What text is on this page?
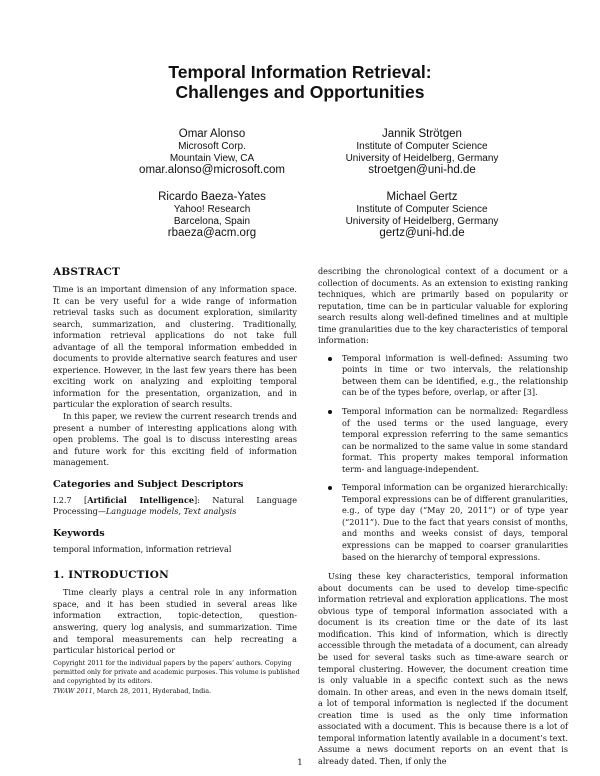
Temporal Information Retrieval:
Challenges and Opportunities
Omar Alonso
Microsoft Corp.
Mountain View, CA
omar.alonso@microsoft.com
Jannik Strötgen
Institute of Computer Science
University of Heidelberg, Germany
stroetgen@uni-hd.de
Ricardo Baeza-Yates
Yahoo! Research
Barcelona, Spain
rbaeza@acm.org
Michael Gertz
Institute of Computer Science
University of Heidelberg, Germany
gertz@uni-hd.de
ABSTRACT

Time is an important dimension of any information space. It can be very useful for a wide range of information retrieval tasks such as document exploration, similarity search, summarization, and clustering. Traditionally, information retrieval applications do not take full advantage of all the temporal information embedded in documents to provide alternative search features and user experience. However, in the last few years there has been exciting work on analyzing and exploiting temporal information for the presentation, organization, and in particular the exploration of search results.

In this paper, we review the current research trends and present a number of interesting applications along with open problems. The goal is to discuss interesting areas and future work for this exciting field of information management.

Categories and Subject Descriptors

I.2.7 [Artificial Intelligence]: Natural Language Processing—Language models, Text analysis

Keywords

temporal information, information retrieval

1. INTRODUCTION

Time clearly plays a central role in any information space, and it has been studied in several areas like information extraction, topic-detection, question-answering, query log analysis, and summarization. Time and temporal measurements can help recreating a particular historical period or

describing the chronological context of a document or a collection of documents. As an extension to existing ranking techniques, which are primarily based on popularity or reputation, time can be in particular valuable for exploring search results along well-defined timelines and at multiple time granularities due to the key characteristics of temporal information:

Temporal information is well-defined: Assuming two points in time or two intervals, the relationship between them can be identified, e.g., the relationship can be of the types before, overlap, or after [3].
Temporal information can be normalized: Regardless of the used terms or the used language, every temporal expression referring to the same semantics can be normalized to the same value in some standard format. This property makes temporal information term- and language-independent.
Temporal information can be organized hierarchically: Temporal expressions can be of different granularities, e.g., of type day (“May 20, 2011”) or of type year (“2011”). Due to the fact that years consist of months, and months and weeks consist of days, temporal expressions can be mapped to coarser granularities based on the hierarchy of temporal expressions.

Using these key characteristics, temporal information about documents can be used to develop time-specific information retrieval and exploration applications. The most obvious type of temporal information associated with a document is its creation time or the date of its last modification. This kind of information, which is directly accessible through the metadata of a document, can already be used for several tasks such as time-aware search or temporal clustering. However, the document creation time is only valuable in a specific context such as the news domain. In other areas, and even in the news domain itself, a lot of temporal information is neglected if the document creation time is used as the only time information associated with a document. This is because there is a lot of temporal information latently available in a document’s text. Assume a news document reports on an event that is already dated. Then, if only the

Copyright 2011 for the individual papers by the papers’ authors. Copying permitted only for private and academic purposes. This volume is published and copyrighted by its editors.
TWAW 2011, March 28, 2011, Hyderabad, India.
1
